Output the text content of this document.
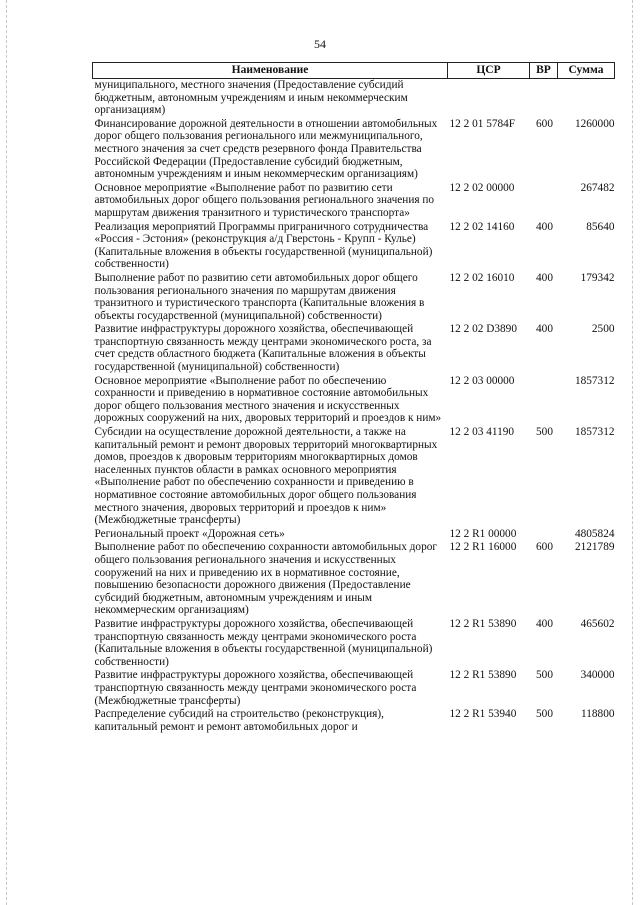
54
Наименование	ЦСР	ВР	Сумма
муниципального, местного значения (Предоставление субсидий бюджетным, автономным учреждениям и иным некоммерческим организациям)			
Финансирование дорожной деятельности в отношении автомобильных дорог общего пользования регионального или межмуниципального, местного значения за счет средств резервного фонда Правительства Российской Федерации (Предоставление субсидий бюджетным, автономным учреждениям и иным некоммерческим организациям)	12 2 01 5784F	600	1260000
Основное мероприятие «Выполнение работ по развитию сети автомобильных дорог общего пользования регионального значения по маршрутам движения транзитного и туристического транспорта»	12 2 02 00000		267482
Реализация мероприятий Программы приграничного сотрудничества «Россия - Эстония» (реконструкция а/д Гверстонь - Крупп - Кулье) (Капитальные вложения в объекты государственной (муниципальной) собственности)	12 2 02 14160	400	85640
Выполнение работ по развитию сети автомобильных дорог общего пользования регионального значения по маршрутам движения транзитного и туристического транспорта (Капитальные вложения в объекты государственной (муниципальной) собственности)	12 2 02 16010	400	179342
Развитие инфраструктуры дорожного хозяйства, обеспечивающей транспортную связанность между центрами экономического роста, за счет средств областного бюджета (Капитальные вложения в объекты государственной (муниципальной) собственности)	12 2 02 D3890	400	2500
Основное мероприятие «Выполнение работ по обеспечению сохранности и приведению в нормативное состояние автомобильных дорог общего пользования местного значения и искусственных дорожных сооружений на них, дворовых территорий и проездов к ним»	12 2 03 00000		1857312
Субсидии на осуществление дорожной деятельности, а также на капитальный ремонт и ремонт дворовых территорий многоквартирных домов, проездов к дворовым территориям многоквартирных домов населенных пунктов области в рамках основного мероприятия «Выполнение работ по обеспечению сохранности и приведению в нормативное состояние автомобильных дорог общего пользования местного значения, дворовых территорий и проездов к ним» (Межбюджетные трансферты)	12 2 03 41190	500	1857312
Региональный проект «Дорожная сеть»	12 2 R1 00000		4805824
Выполнение работ по обеспечению сохранности автомобильных дорог общего пользования регионального значения и искусственных сооружений на них и приведению их в нормативное состояние, повышению безопасности дорожного движения (Предоставление субсидий бюджетным, автономным учреждениям и иным некоммерческим организациям)	12 2 R1 16000	600	2121789
Развитие инфраструктуры дорожного хозяйства, обеспечивающей транспортную связанность между центрами экономического роста (Капитальные вложения в объекты государственной (муниципальной) собственности)	12 2 R1 53890	400	465602
Развитие инфраструктуры дорожного хозяйства, обеспечивающей транспортную связанность между центрами экономического роста (Межбюджетные трансферты)	12 2 R1 53890	500	340000
Распределение субсидий на строительство (реконструкция), капитальный ремонт и ремонт автомобильных дорог и	12 2 R1 53940	500	118800
